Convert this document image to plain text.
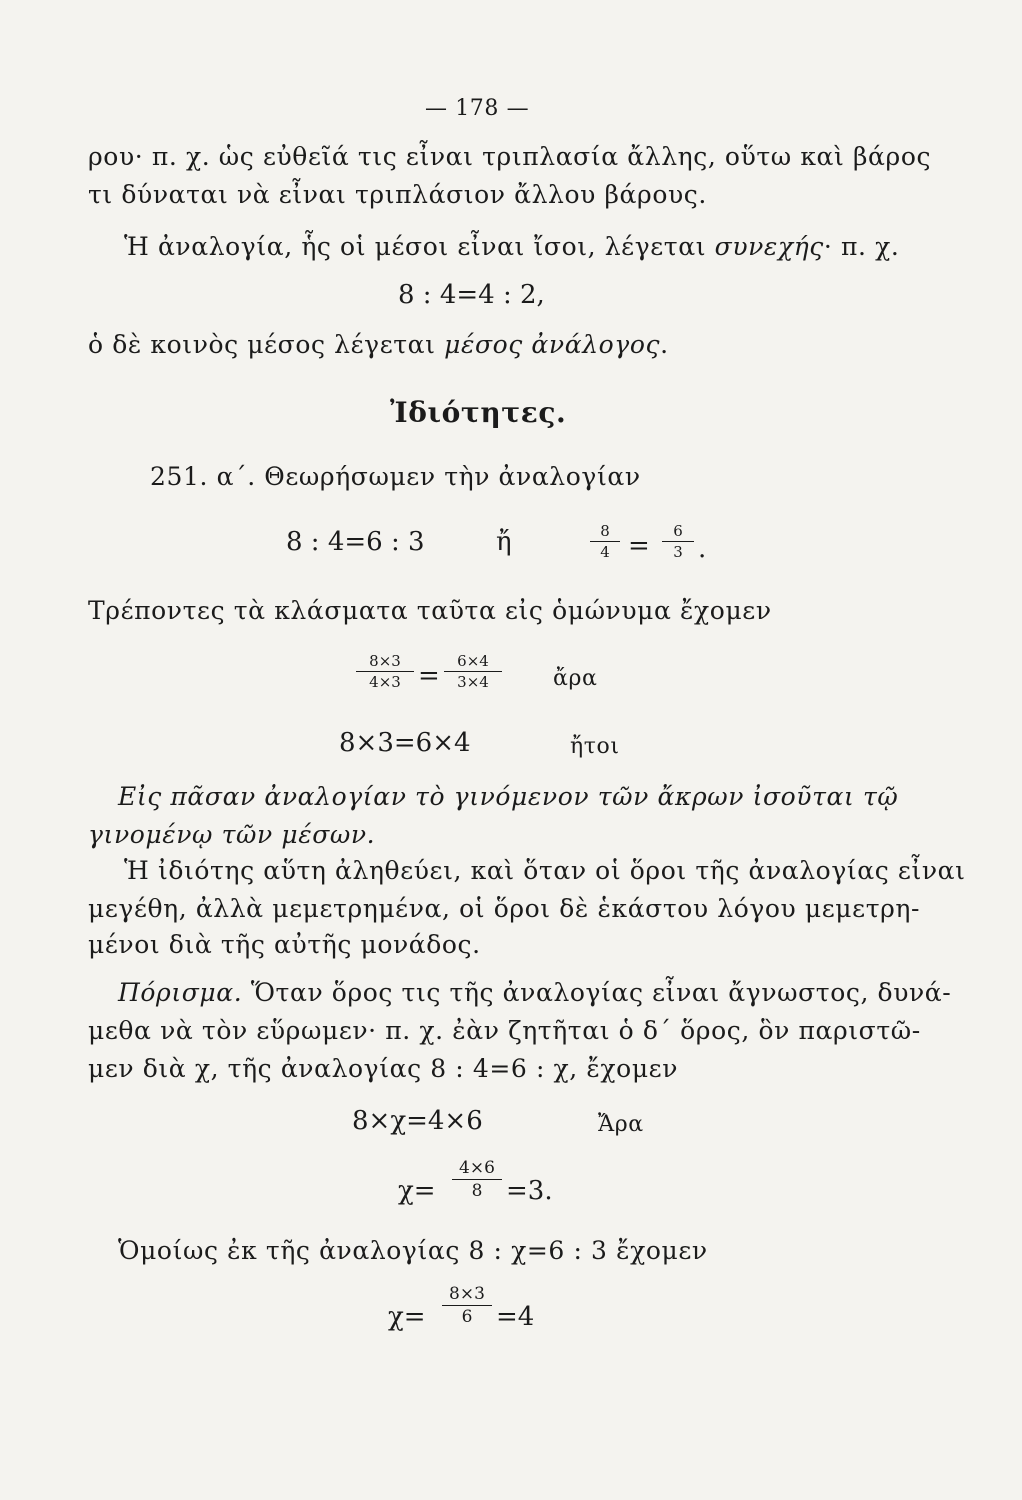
— 178 —
ρου· π. χ. ὡς εὐθεῖά τις εἶναι τριπλασία ἄλλης, οὕτω καὶ βάρος
τι δύναται νὰ εἶναι τριπλάσιον ἄλλου βάρους.
Ἡ ἀναλογία, ἧς οἱ μέσοι εἶναι ἴσοι, λέγεται συνεχής· π. χ.
8 : 4=4 : 2,
ὁ δὲ κοινὸς μέσος λέγεται μέσος ἀνάλογος.
Ἰδιότητες.
251. α΄. Θεωρήσωμεν τὴν ἀναλογίαν
8 : 4=6 : 3	ἤ	8
4 =	6
3 .
Τρέποντες τὰ κλάσματα ταῦτα εἰς ὁμώνυμα ἔχομεν
8×3
4×3 =	6×4
3×4	ἄρα
8×3=6×4	ἤτοι
Εἰς πᾶσαν ἀναλογίαν τὸ γινόμενον τῶν ἄκρων ἰσοῦται τῷ
γινομένῳ τῶν μέσων.
Ἡ ἰδιότης αὕτη ἀληθεύει, καὶ ὅταν οἱ ὅροι τῆς ἀναλογίας εἶναι
μεγέθη, ἀλλὰ μεμετρημένα, οἱ ὅροι δὲ ἑκάστου λόγου μεμετρη-
μένοι διὰ τῆς αὐτῆς μονάδος.
Πόρισμα. Ὅταν ὅρος τις τῆς ἀναλογίας εἶναι ἄγνωστος, δυνά-
μεθα νὰ τὸν εὕρωμεν· π. χ. ἐὰν ζητῆται ὁ δ΄ ὅρος, ὃν παριστῶ-
μεν διὰ χ, τῆς ἀναλογίας 8 : 4=6 : χ, ἔχομεν
8×χ=4×6	Ἄρα
χ=
4×6
8 =3.
Ὁμοίως ἐκ τῆς ἀναλογίας 8 : χ=6 : 3 ἔχομεν
χ=
8×3
6 =4
